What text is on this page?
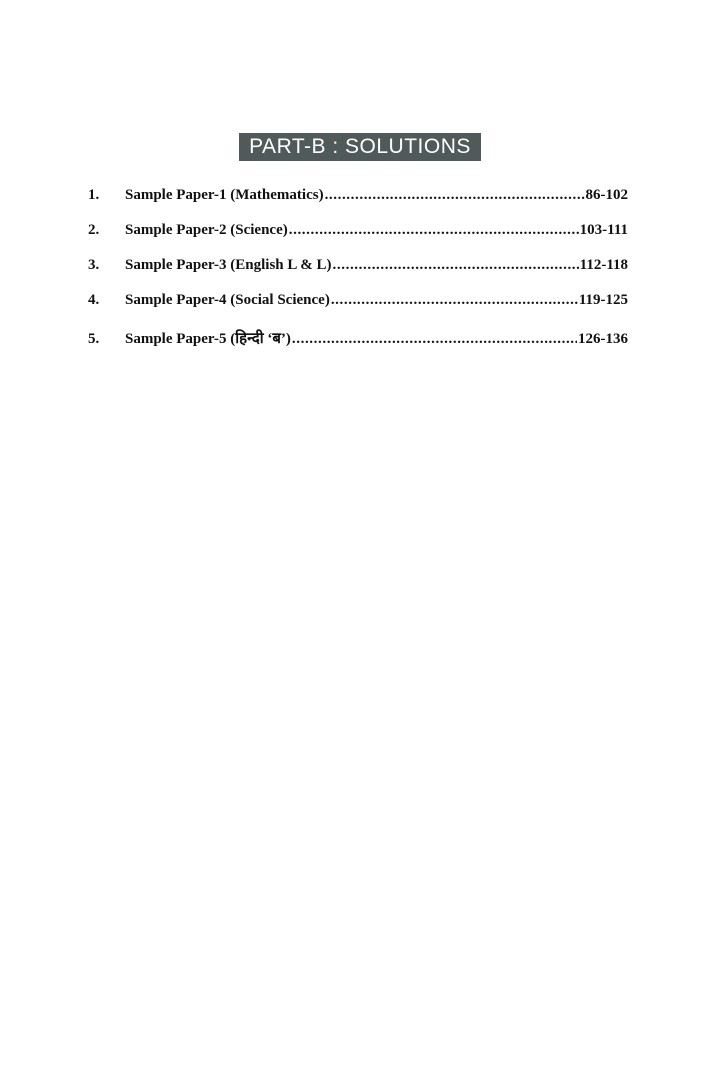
PART-B : SOLUTIONS
1.	Sample Paper-1 (Mathematics) .....	86-102
2.	Sample Paper-2 (Science) .....	103-111
3.	Sample Paper-3 (English L & L) .....	112-118
4.	Sample Paper-4 (Social Science) .....	119-125
5.	Sample Paper-5 (हिन्दी ‘ब’) .....	126-136
